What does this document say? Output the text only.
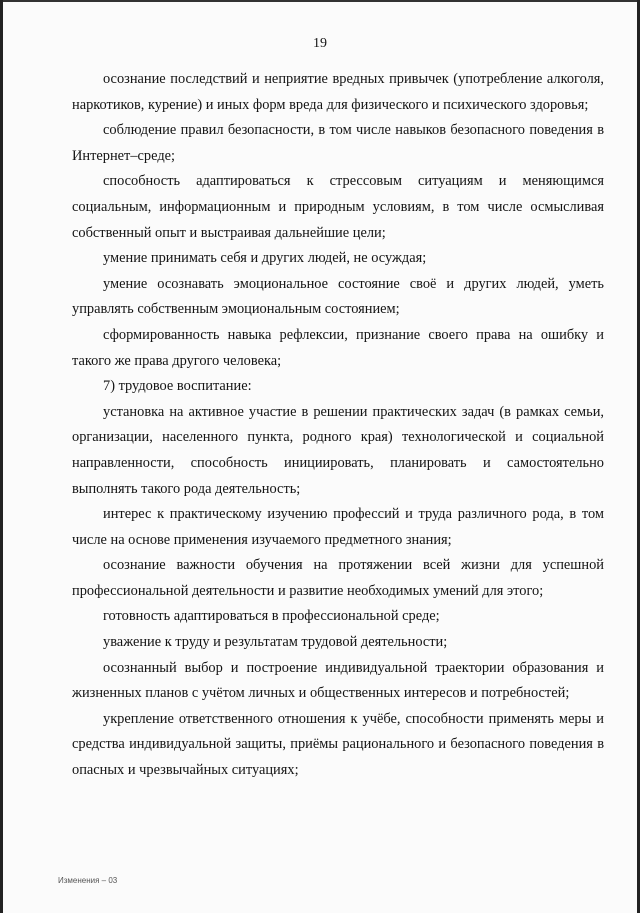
19

осознание последствий и неприятие вредных привычек (употребление алкоголя, наркотиков, курение) и иных форм вреда для физического и психического здоровья;

соблюдение правил безопасности, в том числе навыков безопасного поведения в Интернет–среде;

способность адаптироваться к стрессовым ситуациям и меняющимся социальным, информационным и природным условиям, в том числе осмысливая собственный опыт и выстраивая дальнейшие цели;

умение принимать себя и других людей, не осуждая;

умение осознавать эмоциональное состояние своё и других людей, уметь управлять собственным эмоциональным состоянием;

сформированность навыка рефлексии, признание своего права на ошибку и такого же права другого человека;

7) трудовое воспитание:

установка на активное участие в решении практических задач (в рамках семьи, организации, населенного пункта, родного края) технологической и социальной направленности, способность инициировать, планировать и самостоятельно выполнять такого рода деятельность;

интерес к практическому изучению профессий и труда различного рода, в том числе на основе применения изучаемого предметного знания;

осознание важности обучения на протяжении всей жизни для успешной профессиональной деятельности и развитие необходимых умений для этого;

готовность адаптироваться в профессиональной среде;

уважение к труду и результатам трудовой деятельности;

осознанный выбор и построение индивидуальной траектории образования и жизненных планов с учётом личных и общественных интересов и потребностей;

укрепление ответственного отношения к учёбе, способности применять меры и средства индивидуальной защиты, приёмы рационального и безопасного поведения в опасных и чрезвычайных ситуациях;

Изменения – 03
